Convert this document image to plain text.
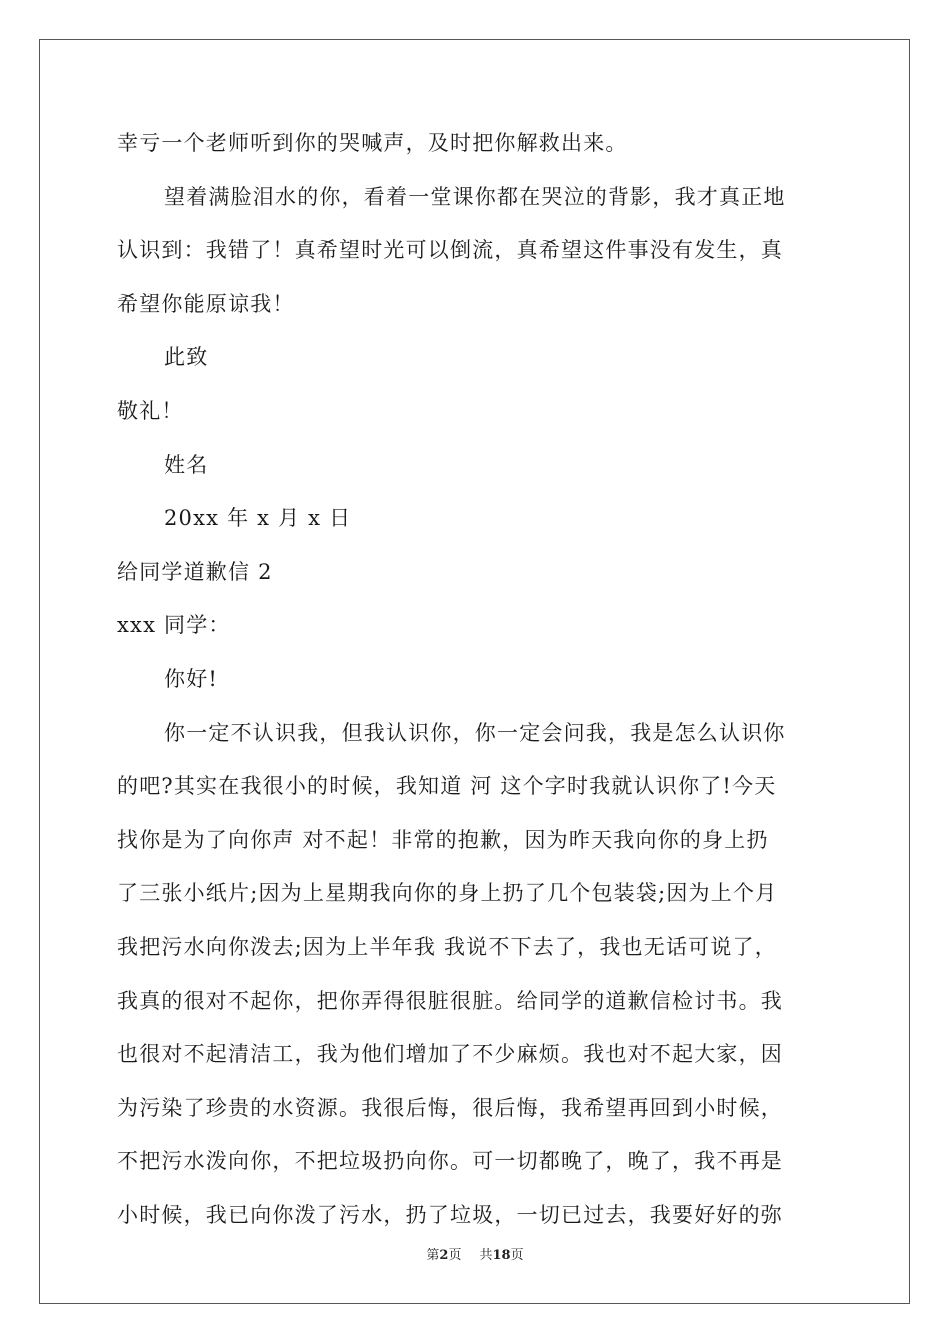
幸亏一个老师听到你的哭喊声，及时把你解救出来。
望着满脸泪水的你，看着一堂课你都在哭泣的背影，我才真正地
认识到：我错了！真希望时光可以倒流，真希望这件事没有发生，真
希望你能原谅我！
此致
敬礼！
姓名
20xx 年 x 月 x 日
给同学道歉信 2
xxx 同学：
你好!
你一定不认识我，但我认识你，你一定会问我，我是怎么认识你
的吧?其实在我很小的时候，我知道 河 这个字时我就认识你了!今天
找你是为了向你声 对不起！非常的抱歉，因为昨天我向你的身上扔
了三张小纸片;因为上星期我向你的身上扔了几个包装袋;因为上个月
我把污水向你泼去;因为上半年我 我说不下去了，我也无话可说了，
我真的很对不起你，把你弄得很脏很脏。给同学的道歉信检讨书。我
也很对不起清洁工，我为他们增加了不少麻烦。我也对不起大家，因
为污染了珍贵的水资源。我很后悔，很后悔，我希望再回到小时候，
不把污水泼向你，不把垃圾扔向你。可一切都晚了，晚了，我不再是
小时候，我已向你泼了污水，扔了垃圾，一切已过去，我要好好的弥
第2页 共18页
